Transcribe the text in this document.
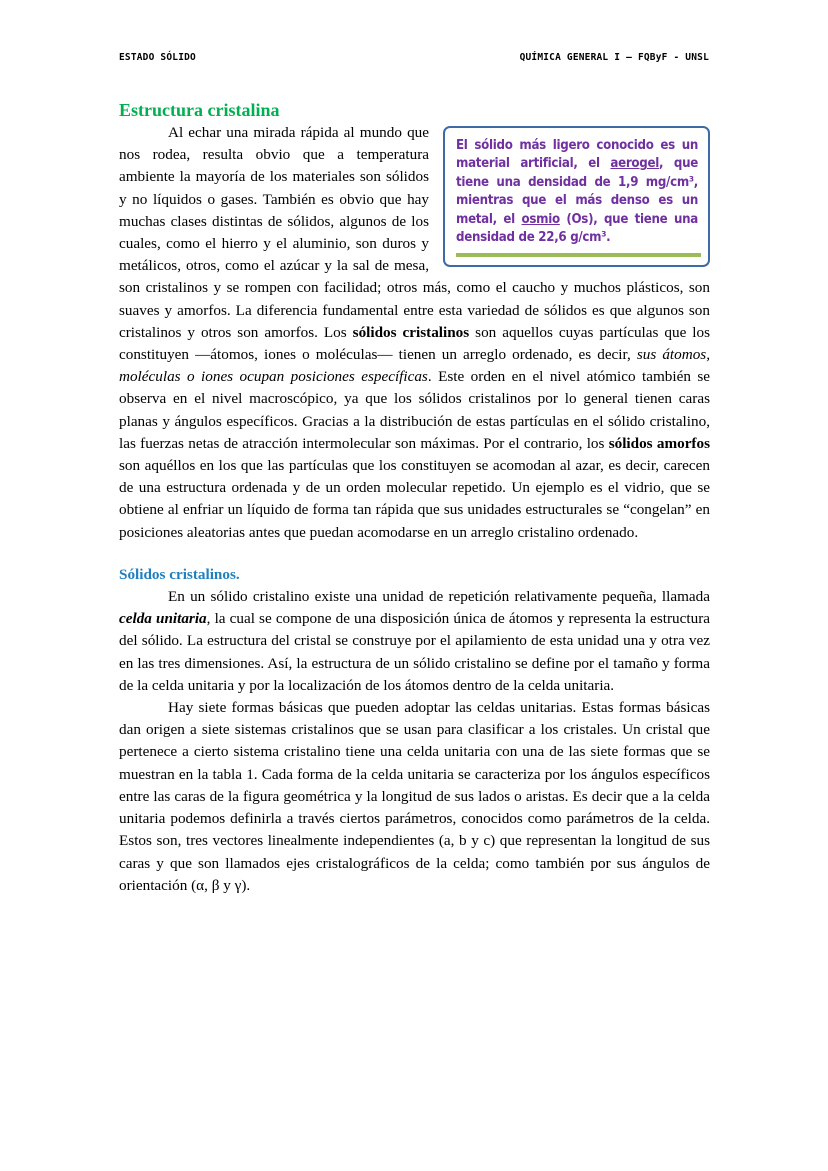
ESTADO SÓLIDO	QUÍMICA GENERAL I – FQByF - UNSL
Estructura cristalina
El sólido más ligero conocido es un material artificial, el aerogel, que tiene una densidad de 1,9 mg/cm³, mientras que el más denso es un metal, el osmio (Os), que tiene una densidad de 22,6 g/cm³.

Al echar una mirada rápida al mundo que nos rodea, resulta obvio que a temperatura ambiente la mayoría de los materiales son sólidos y no líquidos o gases. También es obvio que hay muchas clases distintas de sólidos, algunos de los cuales, como el hierro y el aluminio, son duros y metálicos, otros, como el azúcar y la sal de mesa, son cristalinos y se rompen con facilidad; otros más, como el caucho y muchos plásticos, son suaves y amorfos. La diferencia fundamental entre esta variedad de sólidos es que algunos son cristalinos y otros son amorfos. Los sólidos cristalinos son aquellos cuyas partículas que los constituyen —átomos, iones o moléculas— tienen un arreglo ordenado, es decir, sus átomos, moléculas o iones ocupan posiciones específicas. Este orden en el nivel atómico también se observa en el nivel macroscópico, ya que los sólidos cristalinos por lo general tienen caras planas y ángulos específicos. Gracias a la distribución de estas partículas en el sólido cristalino, las fuerzas netas de atracción intermolecular son máximas. Por el contrario, los sólidos amorfos son aquéllos en los que las partículas que los constituyen se acomodan al azar, es decir, carecen de una estructura ordenada y de un orden molecular repetido. Un ejemplo es el vidrio, que se obtiene al enfriar un líquido de forma tan rápida que sus unidades estructurales se “congelan” en posiciones aleatorias antes que puedan acomodarse en un arreglo cristalino ordenado.

Sólidos cristalinos.

En un sólido cristalino existe una unidad de repetición relativamente pequeña, llamada celda unitaria, la cual se compone de una disposición única de átomos y representa la estructura del sólido. La estructura del cristal se construye por el apilamiento de esta unidad una y otra vez en las tres dimensiones. Así, la estructura de un sólido cristalino se define por el tamaño y forma de la celda unitaria y por la localización de los átomos dentro de la celda unitaria.

Hay siete formas básicas que pueden adoptar las celdas unitarias. Estas formas básicas dan origen a siete sistemas cristalinos que se usan para clasificar a los cristales. Un cristal que pertenece a cierto sistema cristalino tiene una celda unitaria con una de las siete formas que se muestran en la tabla 1. Cada forma de la celda unitaria se caracteriza por los ángulos específicos entre las caras de la figura geométrica y la longitud de sus lados o aristas. Es decir que a la celda unitaria podemos definirla a través ciertos parámetros, conocidos como parámetros de la celda. Estos son, tres vectores linealmente independientes (a, b y c) que representan la longitud de sus caras y que son llamados ejes cristalográficos de la celda; como también por sus ángulos de orientación (α, β y γ).
